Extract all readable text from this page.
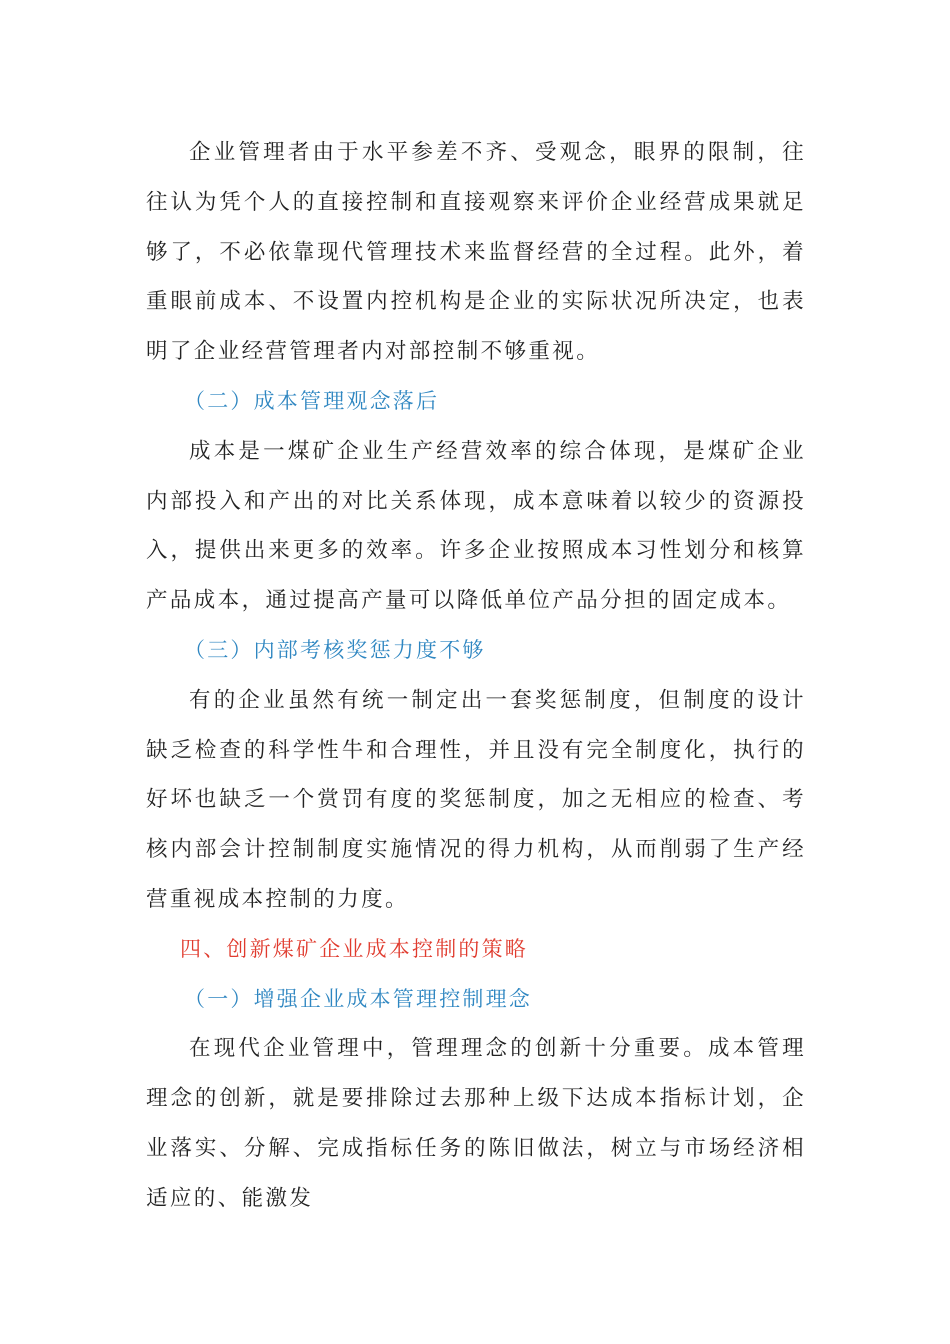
企业管理者由于水平参差不齐、受观念，眼界的限制，往往认为凭个人的直接控制和直接观察来评价企业经营成果就足够了，不必依靠现代管理技术来监督经营的全过程。此外，着重眼前成本、不设置内控机构是企业的实际状况所决定，也表明了企业经营管理者内对部控制不够重视。

（二）成本管理观念落后

成本是一煤矿企业生产经营效率的综合体现，是煤矿企业内部投入和产出的对比关系体现，成本意味着以较少的资源投入，提供出来更多的效率。许多企业按照成本习性划分和核算产品成本，通过提高产量可以降低单位产品分担的固定成本。

（三）内部考核奖惩力度不够

有的企业虽然有统一制定出一套奖惩制度，但制度的设计缺乏检查的科学性牛和合理性，并且没有完全制度化，执行的好坏也缺乏一个赏罚有度的奖惩制度，加之无相应的检查、考核内部会计控制制度实施情况的得力机构，从而削弱了生产经营重视成本控制的力度。

四、创新煤矿企业成本控制的策略

（一）增强企业成本管理控制理念

在现代企业管理中，管理理念的创新十分重要。成本管理理念的创新，就是要排除过去那种上级下达成本指标计划，企业落实、分解、完成指标任务的陈旧做法，树立与市场经济相适应的、能激发
